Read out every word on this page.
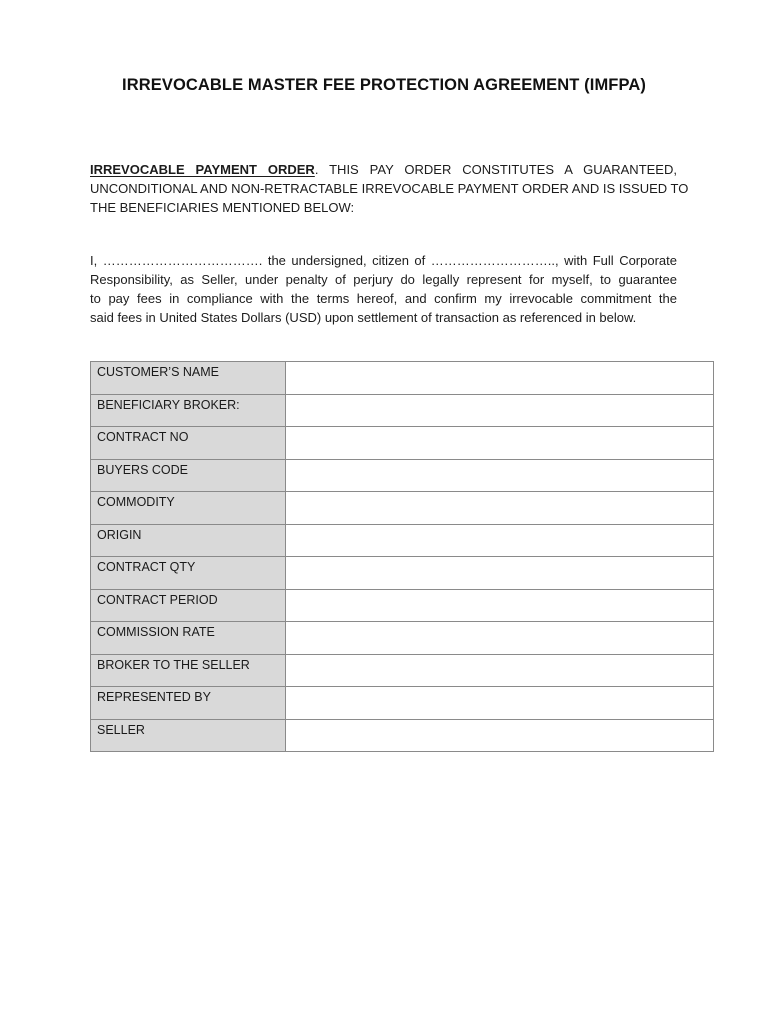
IRREVOCABLE MASTER FEE PROTECTION AGREEMENT (IMFPA)
IRREVOCABLE PAYMENT ORDER. THIS PAY ORDER CONSTITUTES A GUARANTEED,
UNCONDITIONAL AND NON-RETRACTABLE IRREVOCABLE PAYMENT ORDER AND IS ISSUED TO
THE BENEFICIARIES MENTIONED BELOW:
I, ………………………………. the undersigned, citizen of ……………………….., with Full Corporate
Responsibility, as Seller, under penalty of perjury do legally represent for myself, to guarantee
to pay fees in compliance with the terms hereof, and confirm my irrevocable commitment the
said fees in United States Dollars (USD) upon settlement of transaction as referenced in below.
CUSTOMER’S NAME	
BENEFICIARY BROKER:	
CONTRACT NO	
BUYERS CODE	
COMMODITY	
ORIGIN	
CONTRACT QTY	
CONTRACT PERIOD	
COMMISSION RATE	
BROKER TO THE SELLER	
REPRESENTED BY	
SELLER	
